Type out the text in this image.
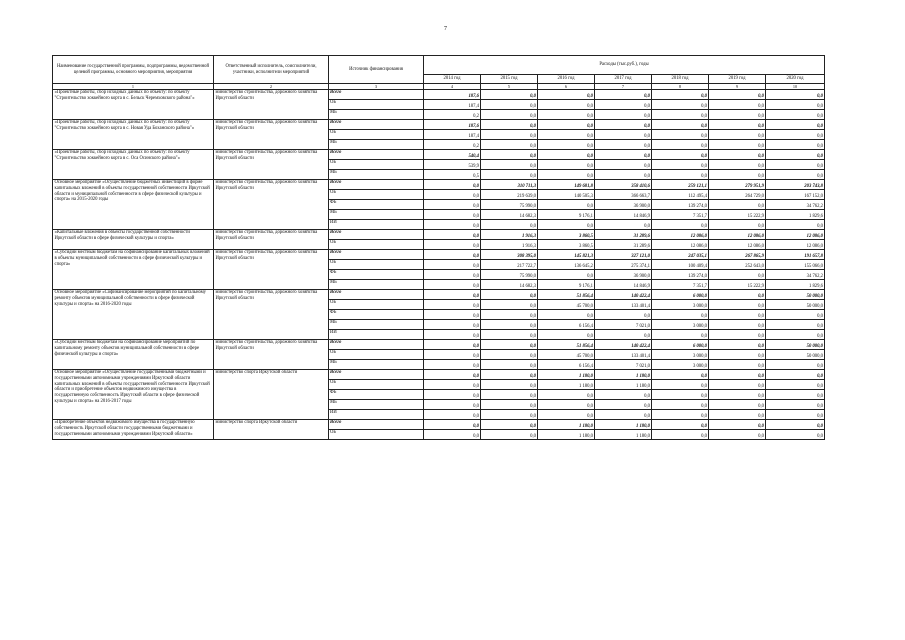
7
Наименование государственной программы, подпрограммы, ведомственной целевой программы, основного мероприятия, мероприятия	Ответственный исполнитель, соисполнители, участники, исполнители мероприятий	Источник финансирования	Расходы (тыс.руб.), годы						
			2014 год	2015 год	2016 год	2017 год	2018 год	2019 год	2020 год
1	2	3	4	5	6	7	8	9	10
«Проектные работы, сбор исходных данных по объекту: по объекту "Строительство хоккейного корта в с. Бельск Черемховского района"»	министерство строительства, дорожного хозяйства Иркутской области	Всего	187,6	0,0	0,0	0,0	0,0	0,0	0,0
		ОБ	187,4	0,0	0,0	0,0	0,0	0,0	0,0
		МБ	0,2	0,0	0,0	0,0	0,0	0,0	0,0
«Проектные работы, сбор исходных данных по объекту: по объекту "Строительство хоккейного корта в с. Новая Уда Боханского района"»	министерство строительства, дорожного хозяйства Иркутской области	Всего	187,6	0,0	0,0	0,0	0,0	0,0	0,0
		ОБ	187,4	0,0	0,0	0,0	0,0	0,0	0,0
		МБ	0,2	0,0	0,0	0,0	0,0	0,0	0,0
«Проектные работы, сбор исходных данных по объекту: по объекту "Строительство хоккейного корта в с. Оса Осинского района"»	министерство строительства, дорожного хозяйства Иркутской области	Всего	540,4	0,0	0,0	0,0	0,0	0,0	0,0
		ОБ	539,9	0,0	0,0	0,0	0,0	0,0	0,0
		МБ	0,5	0,0	0,0	0,0	0,0	0,0	0,0
Основное мероприятие «Осуществление бюджетных инвестиций в форме капитальных вложений в объекты государственной собственности Иркутской области и муниципальной собственности в сфере физической культуры и спорта» на 2015-2020 годы	министерство строительства, дорожного хозяйства Иркутской области	Всего	0,0	310 711,3	149 681,8	358 410,6	259 121,1	279 951,9	203 743,8
		ОБ	0,0	219 639,0	140 505,3	366 663,7	112 495,4	264 729,0	167 152,0
		ФБ	0,0	75 990,0	0,0	36 900,0	139 274,0	0,0	34 762,2
		МБ	0,0	14 682,3	9 176,1	14 846,9	7 351,7	15 222,9	1 829,6
		ИИ	0,0	0,0	0,0	0,0	0,0	0,0	0,0
«Капитальные вложения в объекты государственной собственности Иркутской области в сфере физической культуры и спорта»	министерство строительства, дорожного хозяйства Иркутской области	Всего	0,0	1 916,3	3 860,5	31 289,6	12 086,0	12 086,0	12 086,0
		ОБ	0,0	1 916,3	3 860,5	31 289,6	12 086,0	12 086,0	12 086,0
«Субсидии местным бюджетам на софинансирование капитальных вложений в объекты муниципальной собственности в сфере физической культуры и спорта»	министерство строительства, дорожного хозяйства Иркутской области	Всего	0,0	308 395,0	145 821,3	327 121,0	247 035,1	267 865,9	191 657,8
		ОБ	0,0	217 722,7	136 645,2	275 374,1	100 409,4	252 643,0	155 066,0
		ФБ	0,0	75 990,0	0,0	36 900,0	139 274,0	0,0	34 762,2
		МБ	0,0	14 682,3	9 176,1	14 846,9	7 351,7	15 222,9	1 829,6
Основное мероприятие «Софинансирование мероприятий по капитальному ремонту объектов муниципальной собственности в сфере физической культуры и спорта» на 2016-2020 годы	министерство строительства, дорожного хозяйства Иркутской области	Всего	0,0	0,0	51 856,4	140 422,4	6 000,0	0,0	50 000,0
		ОБ	0,0	0,0	45 700,0	133 401,4	3 000,0	0,0	50 000,0
		ФБ	0,0	0,0	0,0	0,0	0,0	0,0	0,0
		МБ	0,0	0,0	6 156,4	7 021,0	3 000,0	0,0	0,0
		ИИ	0,0	0,0	0,0	0,0	0,0	0,0	0,0
«Субсидии местным бюджетам на софинансирование мероприятий по капитальному ремонту объектов муниципальной собственности в сфере физической культуры и спорта»	министерство строительства, дорожного хозяйства Иркутской области	Всего	0,0	0,0	51 856,4	140 422,4	6 000,0	0,0	50 000,0
		ОБ	0,0	0,0	45 700,0	133 401,4	3 000,0	0,0	50 000,0
		МБ	0,0	0,0	6 156,4	7 021,0	3 000,0	0,0	0,0
Основное мероприятие «Осуществление государственными бюджетными и государственными автономными учреждениями Иркутской области капитальных вложений в объекты государственной собственности Иркутской области и приобретение объектов недвижимого имущества в государственную собственность Иркутской области в сфере физической культуры и спорта» на 2016-2017 годы	министерство спорта Иркутской области	Всего	0,0	0,0	1 180,0	1 180,0	0,0	0,0	0,0
		ОБ	0,0	0,0	1 180,0	1 180,0	0,0	0,0	0,0
		ФБ	0,0	0,0	0,0	0,0	0,0	0,0	0,0
		МБ	0,0	0,0	0,0	0,0	0,0	0,0	0,0
		ИИ	0,0	0,0	0,0	0,0	0,0	0,0	0,0
«Приобретение объектов недвижимого имущества в государственную собственность Иркутской области государственными бюджетными и государственными автономными учреждениями Иркутской области»	министерство спорта Иркутской области	Всего	0,0	0,0	1 180,0	1 180,0	0,0	0,0	0,0
		ОБ	0,0	0,0	1 180,0	1 180,0	0,0	0,0	0,0
